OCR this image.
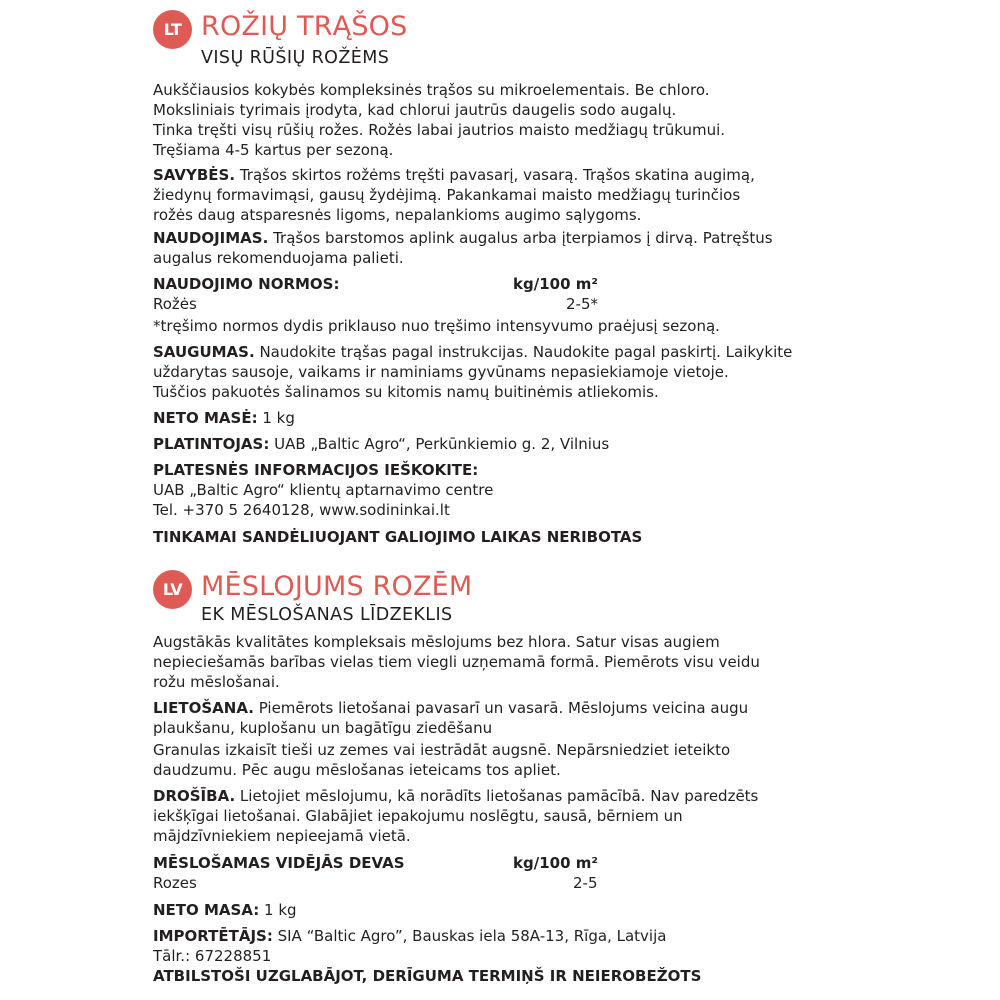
LT ROŽIŲ TRĄŠOS
VISŲ RŪŠIŲ ROŽĖMS
Aukščiausios kokybės kompleksinės trąšos su mikroelementais. Be chloro.
Moksliniais tyrimais įrodyta, kad chlorui jautrūs daugelis sodo augalų.
Tinka tręšti visų rūšių rožes. Rožės labai jautrios maisto medžiagų trūkumui.
Tręšiama 4-5 kartus per sezoną.
SAVYBĖS. Trąšos skirtos rožėms tręšti pavasarį, vasarą. Trąšos skatina augimą,
žiedynų formavimąsi, gausų žydėjimą. Pakankamai maisto medžiagų turinčios
rožės daug atsparesnės ligoms, nepalankioms augimo sąlygoms.
NAUDOJIMAS. Trąšos barstomos aplink augalus arba įterpiamos į dirvą. Patręštus
augalus rekomenduojama palieti.
NAUDOJIMO NORMOS:	kg/100 m²
Rožės	2-5*
*tręšimo normos dydis priklauso nuo tręšimo intensyvumo praėjusį sezoną.
SAUGUMAS. Naudokite trąšas pagal instrukcijas. Naudokite pagal paskirtį. Laikykite
uždarytas sausoje, vaikams ir naminiams gyvūnams nepasiekiamoje vietoje.
Tuščios pakuotės šalinamos su kitomis namų buitinėmis atliekomis.
NETO MASĖ: 1 kg
PLATINTOJAS: UAB „Baltic Agro“, Perkūnkiemio g. 2, Vilnius
PLATESNĖS INFORMACIJOS IEŠKOKITE:
UAB „Baltic Agro“ klientų aptarnavimo centre
Tel. +370 5 2640128, www.sodininkai.lt
TINKAMAI SANDĖLIUOJANT GALIOJIMO LAIKAS NERIBOTAS
LV MĒSLOJUMS ROZĒM
EK MĒSLOŠANAS LĪDZEKLIS
Augstākās kvalitātes kompleksais mēslojums bez hlora. Satur visas augiem
nepieciešamās barības vielas tiem viegli uzņemamā formā. Piemērots visu veidu
rožu mēslošanai.
LIETOŠANA. Piemērots lietošanai pavasarī un vasarā. Mēslojums veicina augu
plaukšanu, kuplošanu un bagātīgu ziedēšanu
Granulas izkaisīt tieši uz zemes vai iestrādāt augsnē. Nepārsniedziet ieteikto
daudzumu. Pēc augu mēslošanas ieteicams tos apliet.
DROŠĪBA. Lietojiet mēslojumu, kā norādīts lietošanas pamācībā. Nav paredzēts
iekšķīgai lietošanai. Glabājiet iepakojumu noslēgtu, sausā, bērniem un
mājdzīvniekiem nepieejamā vietā.
MĒSLOŠAMAS VIDĒJĀS DEVAS	kg/100 m²
Rozes	2-5
NETO MASA: 1 kg
IMPORTĒTĀJS: SIA “Baltic Agro”, Bauskas iela 58A-13, Rīga, Latvija
Tālr.: 67228851
ATBILSTOŠI UZGLABĀJOT, DERĪGUMA TERMIŅŠ IR NEIEROBEŽOTS
